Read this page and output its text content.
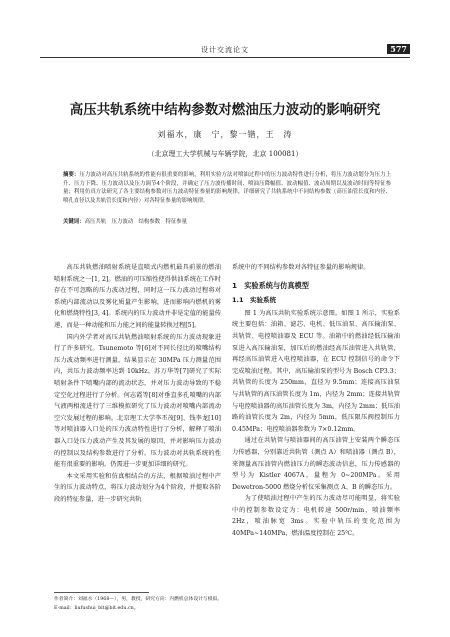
设计交流论文	577
高压共轨系统中结构参数对燃油压力波动的影响研究
刘福水，康　宁，黎一锴，王　涛
（北京理工大学机械与车辆学院，北京 100081）
摘要：压力波动对高压共轨系统的性能有很重要的影响，利用实验方法对喷油过程中的压力波动特性进行分析，将压力波动划分为压力上升、压力下降、压力波动以及压力调节4个阶段，并确定了压力波传播时间、喷油压降幅值、波动幅值、波动周期以及波动时间等特征参量；利用仿真方法研究了各主要结构参数对压力波动特征参量的影响规律，详细研究了共轨系统中不同结构参数（高压油管长度和内径、喷孔直径以及共轨管长度和内径）对各特征参量的影响规律。
关键词：高压共轨　压力波动　结构参数　特征参量

高压共轨燃油喷射系统是直喷式内燃机最具前景的燃油喷射系统之一[1, 2]。燃油的可压缩性使得供油系统在工作时存在不可忽略的压力波动过程，同时这一压力波动过程将对系统内部流动以及雾化质量产生影响，进而影响内燃机的雾化和燃烧特性[3, 4]。系统内的压力波动并非是定值的能量传递，而是一种动能和压力能之间的能量转换过程[5]。

国内外学者对高压共轨燃油喷射系统的压力波动现象进行了许多研究。Tsunemoto 等[6]对不同长径比的喷嘴结构压力波动频率进行测量，结果显示在 30MPa 压力测量范围内，共压力波动频率达到 10kHz。苏万华等[7]研究了实际喷射条件下喷嘴内部的流动状态，并对压力波动导致的不稳定空化过程进行了分析。何志霞等[8]对垂直多孔喷嘴的内部气液两相流进行了三维模拟研究了压力波动对喷嘴内部流动空穴发展过程的影响。北京理工大学李丕茂[9]、钱李龙[10]等对喷油器入口处的压力波动特性进行了分析，解释了喷油器入口处压力波动产生及其发展的原因，并对影响压力波动的控制以及结构参数进行了分析。压力波动对共轨系统的性能有很重要的影响，仍需进一步更加详细的研究。

本文采用实验和仿真相结合的方法，根据喷油过程中产生的压力波动特点，将压力波动划分为4个阶段，并提取各阶段的特征参量，进一步研究共轨

系统中的不同结构参数对各特征参量的影响规律。
1　实验系统与仿真模型
1.1　实验系统

图 1 为高压共轨实验系统示意图。如图 1 所示，实验系统主要包括：油箱、滤芯、电机、低压油泵、高压输油泵、共轨管、电控喷油器及 ECU 等。油箱中的燃油经低压输油泵进入高压输油泵，加压后的燃油经高压油管进入共轨管，再经高压油管进入电控喷油器，在 ECU 控制信号的命令下完成喷油过程。其中，高压输油泵的型号为 Bosch CP3.3；共轨管的长度为 250mm，直径为 9.5mm；连接高压油泵与共轨管的高压油管长度为 1m，内径为 2mm；连接共轨管与电控喷油器的高压油管长度为 3m，内径为 2mm；低压油路的油管长度为 2m，内径为 5mm，低压限压阀控制压力 0.45MPa；电控喷油器参数为 7×0.12mm。

通过在共轨管与喷油器间的高压油管上安装两个瞬态压力传感器，分别靠近共轨管（测点 A）和喷油器（测点 B），来测量高压油管内燃油压力的瞬态波动信息，压力传感器的型号为 Kistler 4067A，量程为 0~200MPa。采用 Dewetron-5000 燃烧分析仪采集测点 A、B 的瞬态压力。

为了使喷油过程中产生的压力波动尽可能明显，将实验中的控制参数设定为：电机转速 500r/min，喷油频率 2Hz，喷油脉宽 3ms。实验中轨压的变化范围为 40MPa~140MPa，燃油温度控制在 25℃。

作者简介：刘福水（1968—），男，教授，研究方向：内燃机总体设计与模拟。
E-mail：liufushui_bit@bit.edu.cn。
